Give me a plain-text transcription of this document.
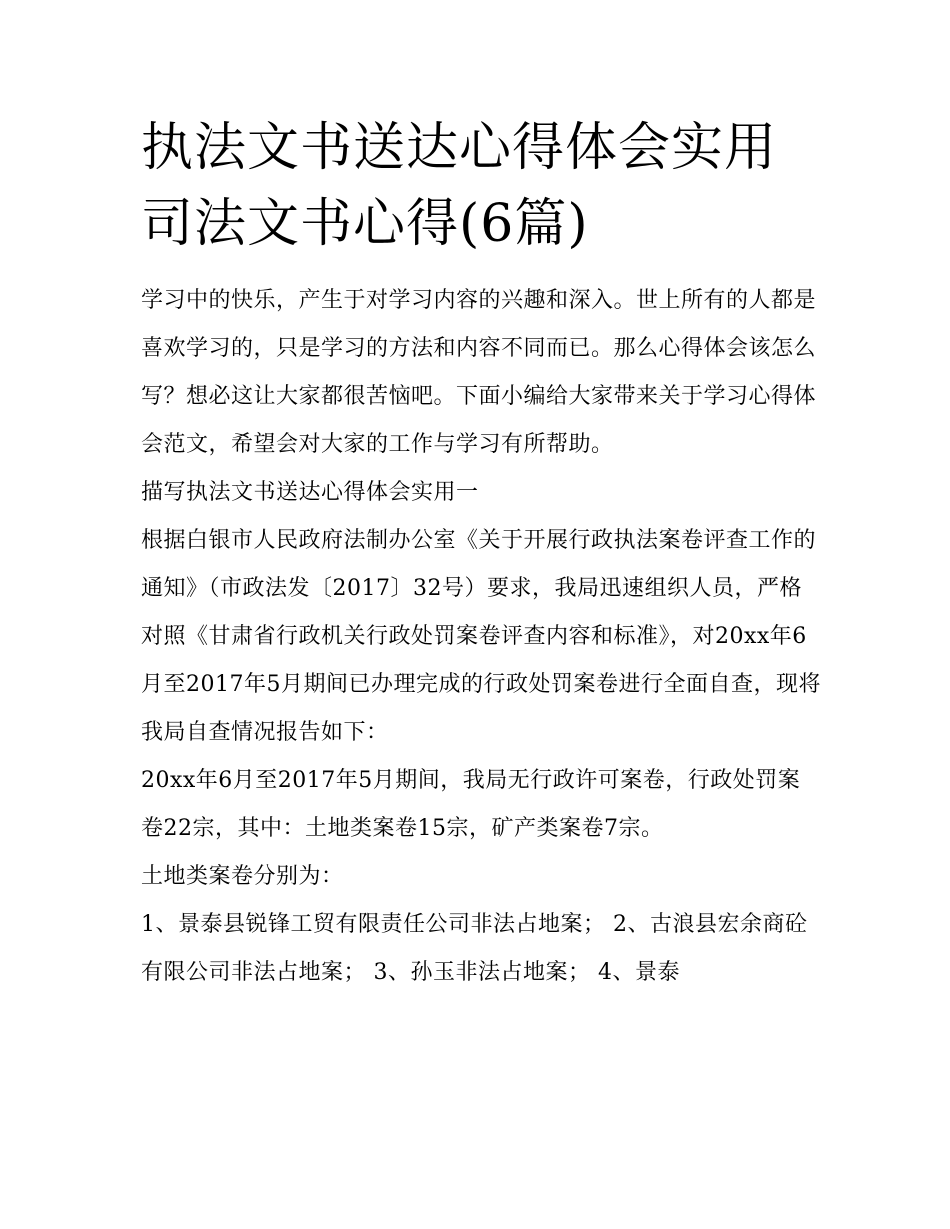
执法文书送达心得体会实用 司法文书心得(6篇)

学习中的快乐，产生于对学习内容的兴趣和深入。世上所有的人都是喜欢学习的，只是学习的方法和内容不同而已。那么心得体会该怎么写？想必这让大家都很苦恼吧。下面小编给大家带来关于学习心得体会范文，希望会对大家的工作与学习有所帮助。

描写执法文书送达心得体会实用一

根据白银市人民政府法制办公室《关于开展行政执法案卷评查工作的通知》（市政法发〔2017〕32号）要求，我局迅速组织人员，严格对照《甘肃省行政机关行政处罚案卷评查内容和标准》，对20xx年6月至2017年5月期间已办理完成的行政处罚案卷进行全面自查，现将我局自查情况报告如下：

20xx年6月至2017年5月期间，我局无行政许可案卷，行政处罚案卷22宗，其中：土地类案卷15宗，矿产类案卷7宗。

土地类案卷分别为：

1、景泰县锐锋工贸有限责任公司非法占地案； 2、古浪县宏余商砼有限公司非法占地案； 3、孙玉非法占地案； 4、景泰
